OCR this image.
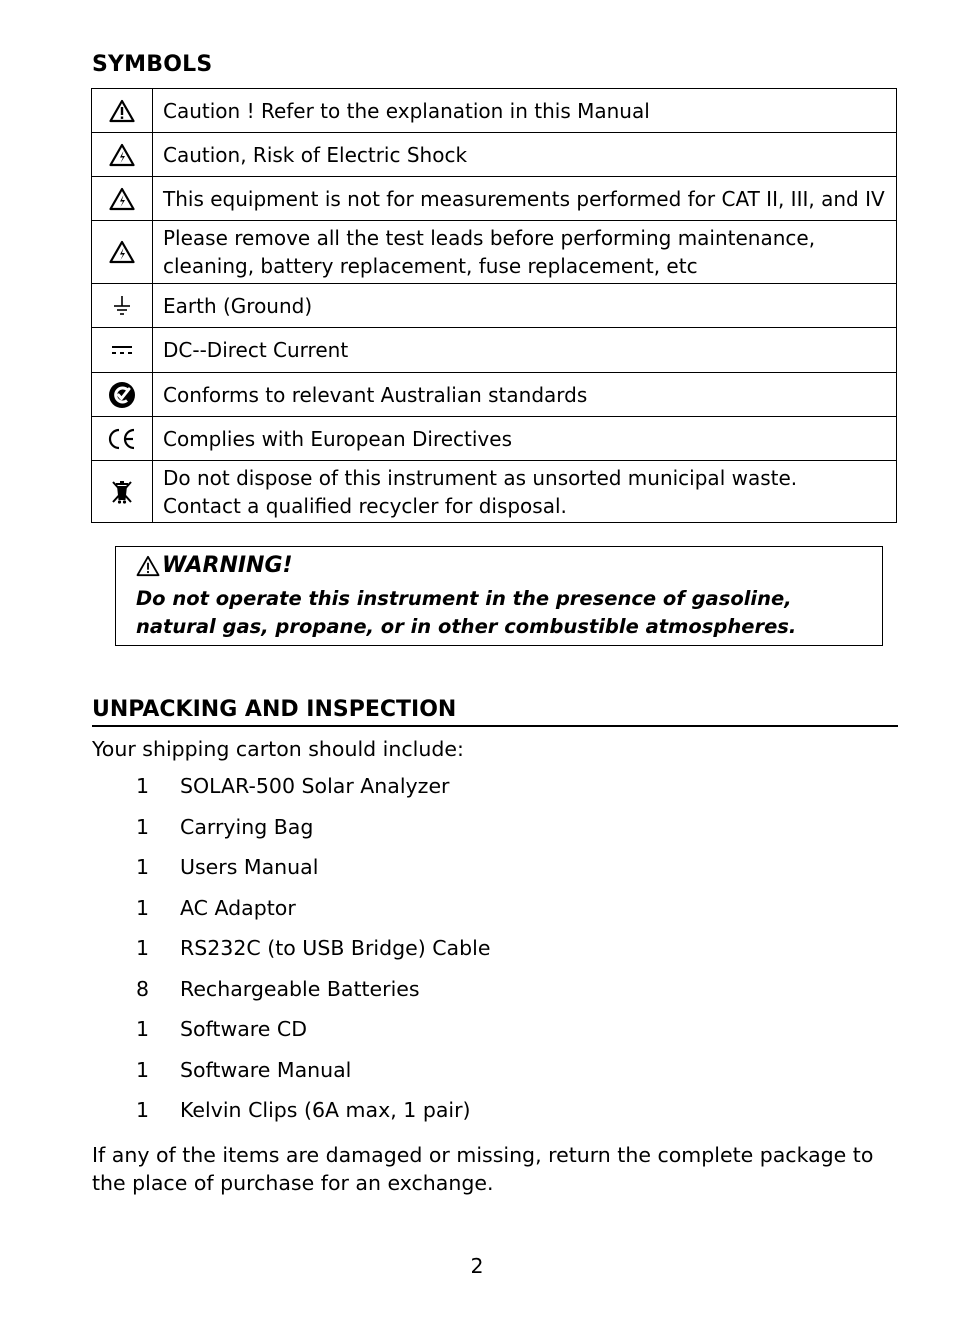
SYMBOLS

Caution ! Refer to the explanation in this Manual

Caution, Risk of Electric Shock

This equipment is not for measurements performed for CAT II, III, and IV

Please remove all the test leads before performing maintenance,
cleaning, battery replacement, fuse replacement, etc

Earth (Ground)

DC--Direct Current

Conforms to relevant Australian standards

Complies with European Directives

Do not dispose of this instrument as unsorted municipal waste.
Contact a qualified recycler for disposal.
WARNING!
Do not operate this instrument in the presence of gasoline, natural gas, propane, or in other combustible atmospheres.
UNPACKING AND INSPECTION
Your shipping carton should include:
1	SOLAR-500 Solar Analyzer
1	Carrying Bag
1	Users Manual
1	AC Adaptor
1	RS232C (to USB Bridge) Cable
8	Rechargeable Batteries
1	Software CD
1	Software Manual
1	Kelvin Clips (6A max, 1 pair)
If any of the items are damaged or missing, return the complete package to
the place of purchase for an exchange.
2
